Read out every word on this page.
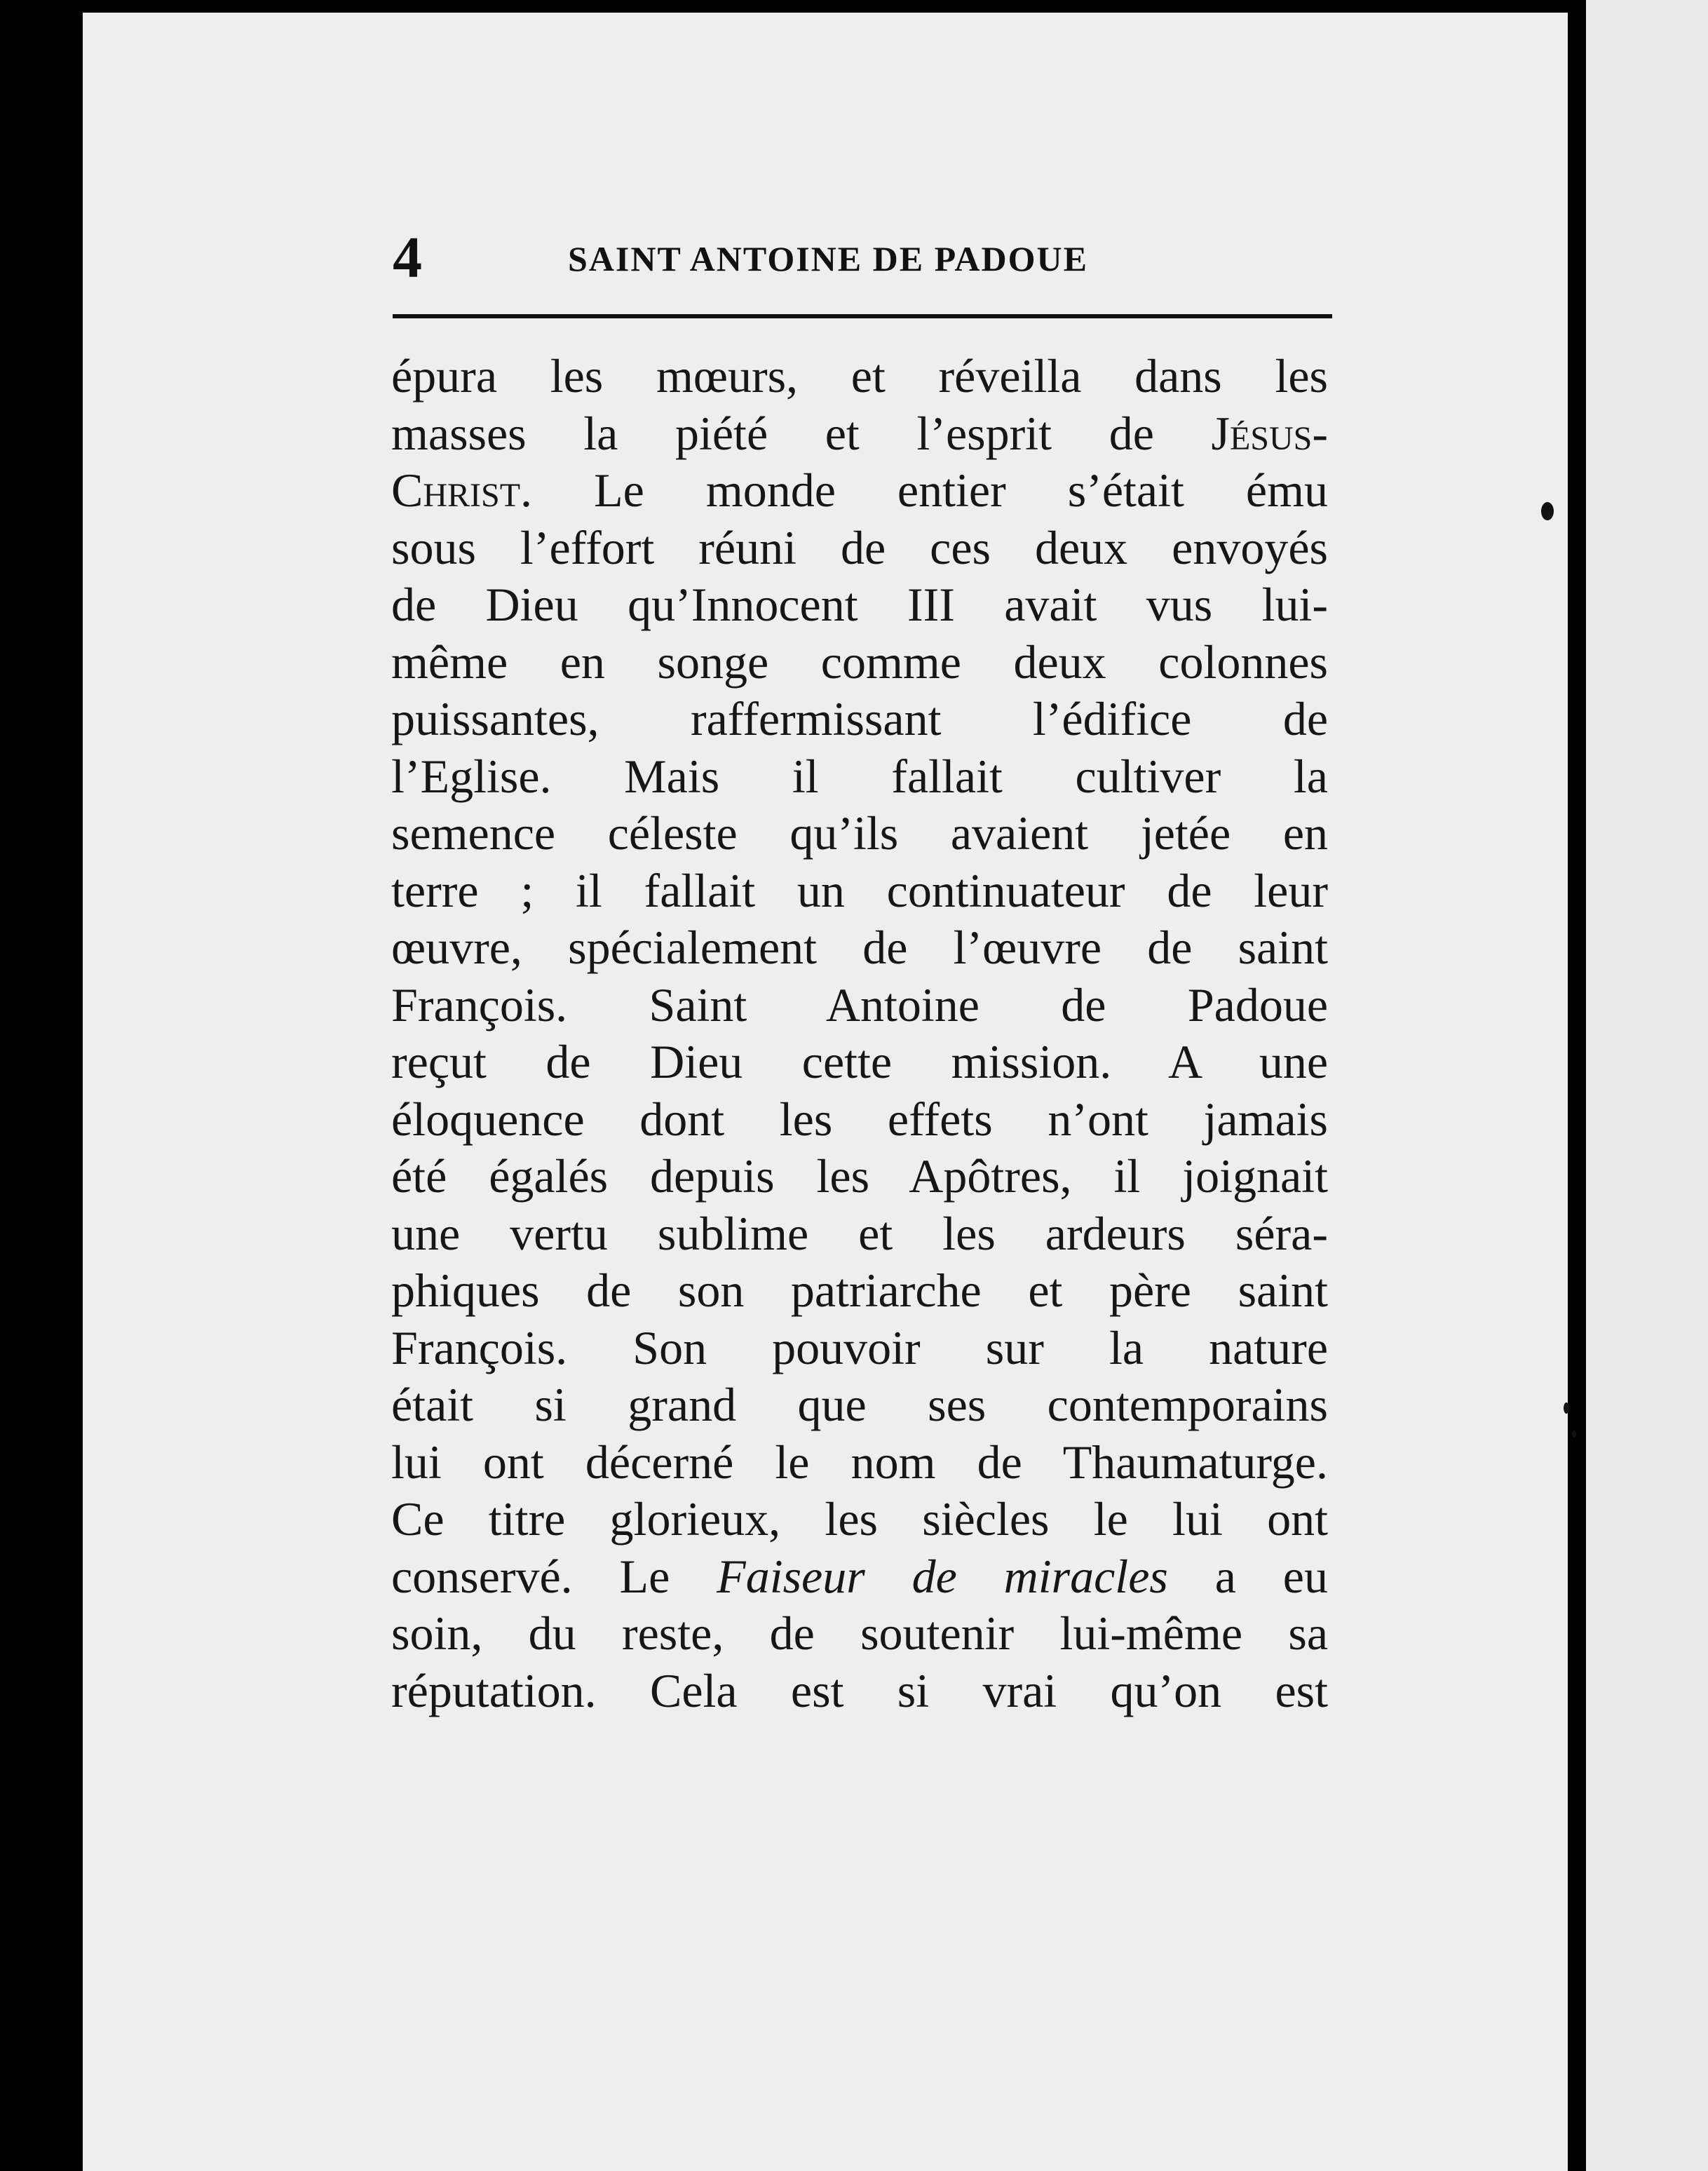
4	SAINT ANTOINE DE PADOUE
épura les mœurs, et réveilla dans les
masses la piété et l’esprit de Jésus-
Christ. Le monde entier s’était ému
sous l’effort réuni de ces deux envoyés
de Dieu qu’Innocent III avait vus lui-
même en songe comme deux colonnes
puissantes, raffermissant l’édifice de
l’Eglise. Mais il fallait cultiver la
semence céleste qu’ils avaient jetée en
terre ; il fallait un continuateur de leur
œuvre, spécialement de l’œuvre de saint
François. Saint Antoine de Padoue
reçut de Dieu cette mission. A une
éloquence dont les effets n’ont jamais
été égalés depuis les Apôtres, il joignait
une vertu sublime et les ardeurs séra-
phiques de son patriarche et père saint
François. Son pouvoir sur la nature
était si grand que ses contemporains
lui ont décerné le nom de Thaumaturge.
Ce titre glorieux, les siècles le lui ont
conservé. Le Faiseur de miracles a eu
soin, du reste, de soutenir lui-même sa
réputation. Cela est si vrai qu’on est
